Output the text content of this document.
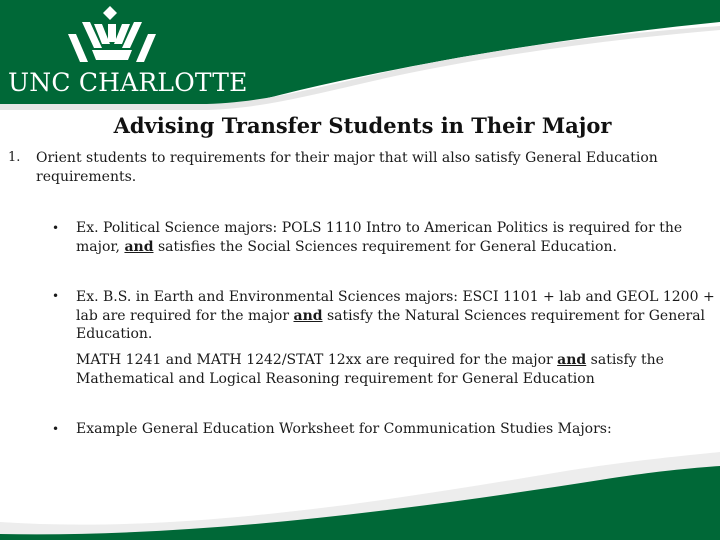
UNC CHARLOTTE
Advising Transfer Students in Their Major
1. Orient students to requirements for their major that will also satisfy General Education
requirements.
• Ex. Political Science majors: POLS 1110 Intro to American Politics is required for the
major, and satisfies the Social Sciences requirement for General Education.
• Ex. B.S. in Earth and Environmental Sciences majors: ESCI 1101 + lab and GEOL 1200 +
lab are required for the major and satisfy the Natural Sciences requirement for General
Education.
MATH 1241 and MATH 1242/STAT 12xx are required for the major and satisfy the
Mathematical and Logical Reasoning requirement for General Education
• Example General Education Worksheet for Communication Studies Majors:
